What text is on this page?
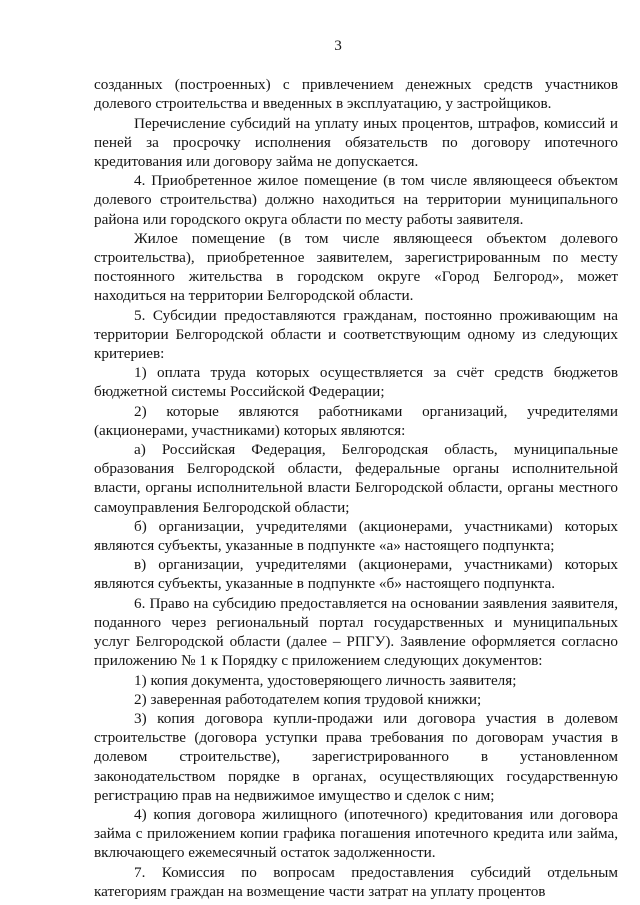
3

созданных (построенных) с привлечением денежных средств участников долевого строительства и введенных в эксплуатацию, у застройщиков.

Перечисление субсидий на уплату иных процентов, штрафов, комиссий и пеней за просрочку исполнения обязательств по договору ипотечного кредитования или договору займа не допускается.

4. Приобретенное жилое помещение (в том числе являющееся объектом долевого строительства) должно находиться на территории муниципального района или городского округа области по месту работы заявителя.

Жилое помещение (в том числе являющееся объектом долевого строительства), приобретенное заявителем, зарегистрированным по месту постоянного жительства в городском округе «Город Белгород», может находиться на территории Белгородской области.

5. Субсидии предоставляются гражданам, постоянно проживающим на территории Белгородской области и соответствующим одному из следующих критериев:

1) оплата труда которых осуществляется за счёт средств бюджетов бюджетной системы Российской Федерации;

2) которые являются работниками организаций, учредителями (акционерами, участниками) которых являются:

а) Российская Федерация, Белгородская область, муниципальные образования Белгородской области, федеральные органы исполнительной власти, органы исполнительной власти Белгородской области, органы местного самоуправления Белгородской области;

б) организации, учредителями (акционерами, участниками) которых являются субъекты, указанные в подпункте «а» настоящего подпункта;

в) организации, учредителями (акционерами, участниками) которых являются субъекты, указанные в подпункте «б» настоящего подпункта.

6. Право на субсидию предоставляется на основании заявления заявителя, поданного через региональный портал государственных и муниципальных услуг Белгородской области (далее – РПГУ). Заявление оформляется согласно приложению № 1 к Порядку с приложением следующих документов:

1) копия документа, удостоверяющего личность заявителя;

2) заверенная работодателем копия трудовой книжки;

3) копия договора купли-продажи или договора участия в долевом строительстве (договора уступки права требования по договорам участия в долевом строительстве), зарегистрированного в установленном законодательством порядке в органах, осуществляющих государственную регистрацию прав на недвижимое имущество и сделок с ним;

4) копия договора жилищного (ипотечного) кредитования или договора займа с приложением копии графика погашения ипотечного кредита или займа, включающего ежемесячный остаток задолженности.

7. Комиссия по вопросам предоставления субсидий отдельным категориям граждан на возмещение части затрат на уплату процентов
